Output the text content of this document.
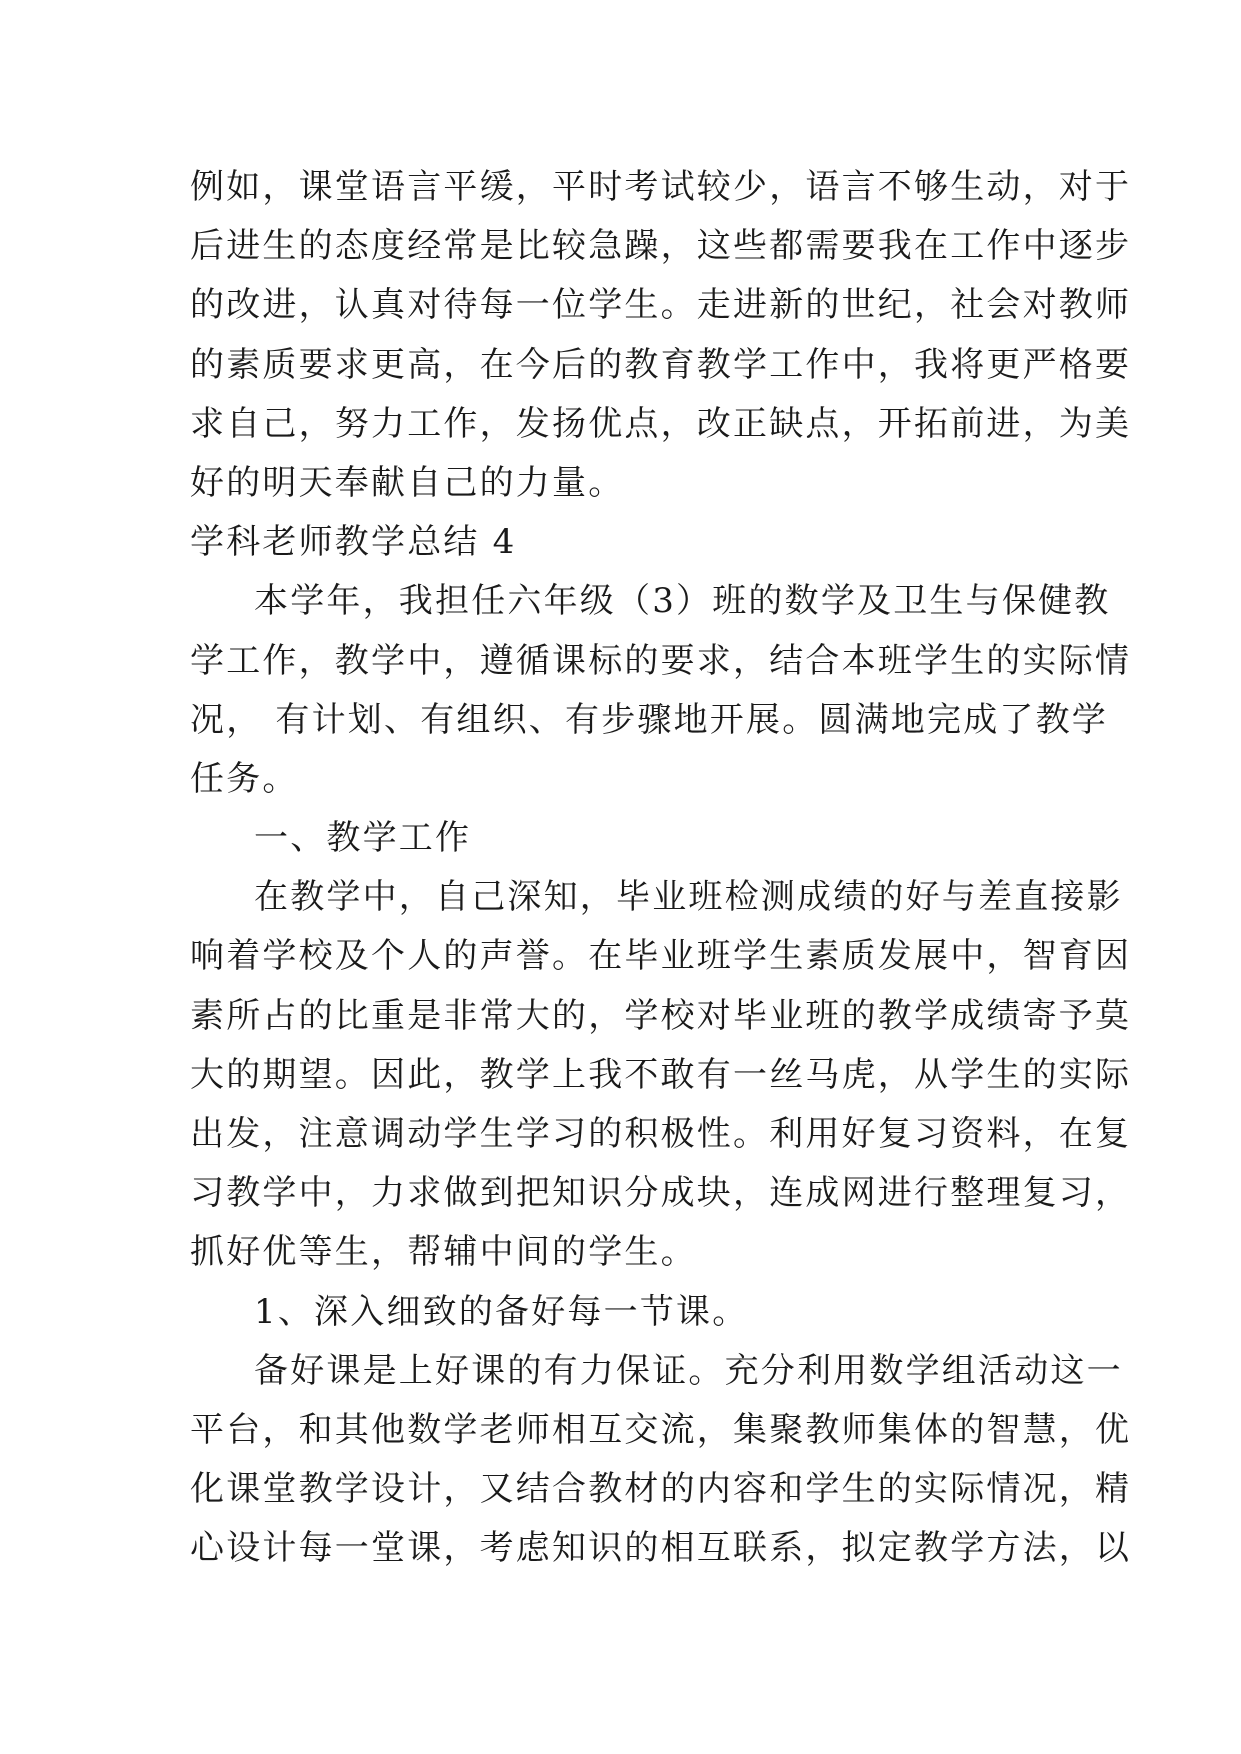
例如，课堂语言平缓，平时考试较少，语言不够生动，对于
后进生的态度经常是比较急躁，这些都需要我在工作中逐步
的改进，认真对待每一位学生。走进新的世纪，社会对教师
的素质要求更高，在今后的教育教学工作中，我将更严格要
求自己，努力工作，发扬优点，改正缺点，开拓前进，为美
好的明天奉献自己的力量。
学科老师教学总结 4
本学年，我担任六年级（3）班的数学及卫生与保健教
学工作，教学中，遵循课标的要求，结合本班学生的实际情
况， 有计划、有组织、有步骤地开展。圆满地完成了教学
任务。
一、教学工作
在教学中，自己深知，毕业班检测成绩的好与差直接影
响着学校及个人的声誉。在毕业班学生素质发展中，智育因
素所占的比重是非常大的，学校对毕业班的教学成绩寄予莫
大的期望。因此，教学上我不敢有一丝马虎，从学生的实际
出发，注意调动学生学习的积极性。利用好复习资料，在复
习教学中，力求做到把知识分成块，连成网进行整理复习，
抓好优等生，帮辅中间的学生。
1、深入细致的备好每一节课。
备好课是上好课的有力保证。充分利用数学组活动这一
平台，和其他数学老师相互交流，集聚教师集体的智慧，优
化课堂教学设计，又结合教材的内容和学生的实际情况，精
心设计每一堂课，考虑知识的相互联系，拟定教学方法，以
